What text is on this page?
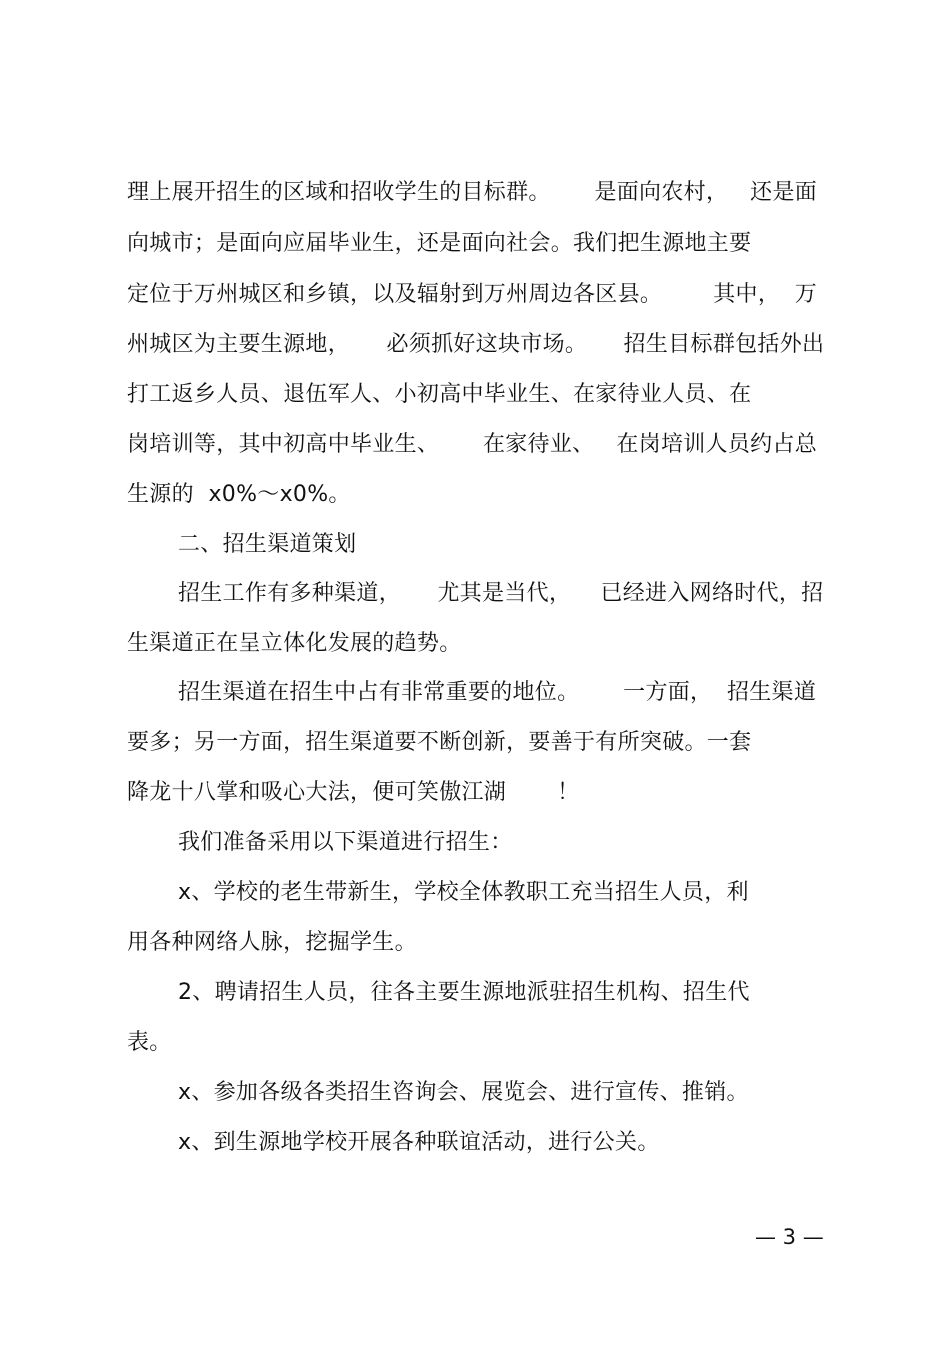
理上展开招生的区域和招收学生的目标群。      是面向农村，   还是面
向城市；是面向应届毕业生，还是面向社会。我们把生源地主要
定位于万州城区和乡镇，以及辐射到万州周边各区县。       其中，  万
州城区为主要生源地，     必须抓好这块市场。     招生目标群包括外出
打工返乡人员、退伍军人、小初高中毕业生、在家待业人员、在
岗培训等，其中初高中毕业生、      在家待业、   在岗培训人员约占总
生源的  x0%～x0%。
二、招生渠道策划
招生工作有多种渠道，     尤其是当代，    已经进入网络时代，招
生渠道正在呈立体化发展的趋势。
招生渠道在招生中占有非常重要的地位。      一方面，  招生渠道
要多；另一方面，招生渠道要不断创新，要善于有所突破。一套
降龙十八掌和吸心大法，便可笑傲江湖       ！
我们准备采用以下渠道进行招生：
x、学校的老生带新生，学校全体教职工充当招生人员，利
用各种网络人脉，挖掘学生。
2、聘请招生人员，往各主要生源地派驻招生机构、招生代
表。
x、参加各级各类招生咨询会、展览会、进行宣传、推销。
x、到生源地学校开展各种联谊活动，进行公关。
— 3 —
